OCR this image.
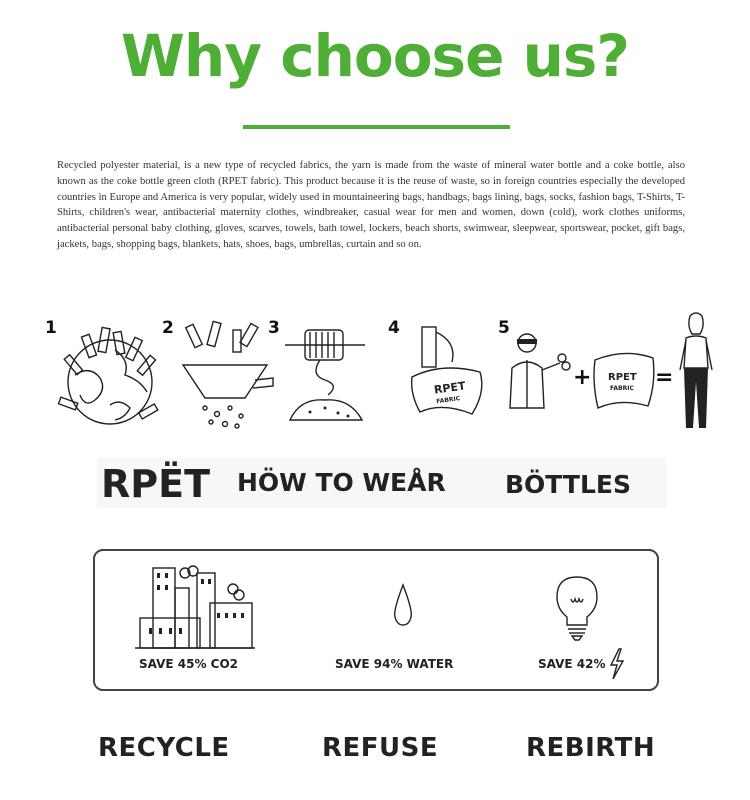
Why choose us?
Recycled polyester material, is a new type of recycled fabrics, the yarn is made from the waste of mineral water bottle and a coke bottle, also known as the coke bottle green cloth (RPET fabric). This product because it is the reuse of waste, so in foreign countries especially the developed countries in Europe and America is very popular, widely used in mountaineering bags, handbags, bags lining, bags, socks, fashion bags, T-Shirts, T-Shirts, children's wear, antibacterial maternity clothes, windbreaker, casual wear for men and women, down (cold), work clothes uniforms, antibacterial personal baby clothing, gloves, scarves, towels, bath towel, lockers, beach shorts, swimwear, sleepwear, sportswear, pocket, gift bags, jackets, bags, shopping bags, blankets, hats, shoes, bags, umbrellas, curtain and so on.
1	2	3	4
RPET
FABRIC
5
+ RPET
FABRIC =
RPËT HÖW TO WEÅR BÖTTLES
SAVE 45% CO2	SAVE 94% WATER	SAVE 42%
RECYCLE	REFUSE	REBIRTH
